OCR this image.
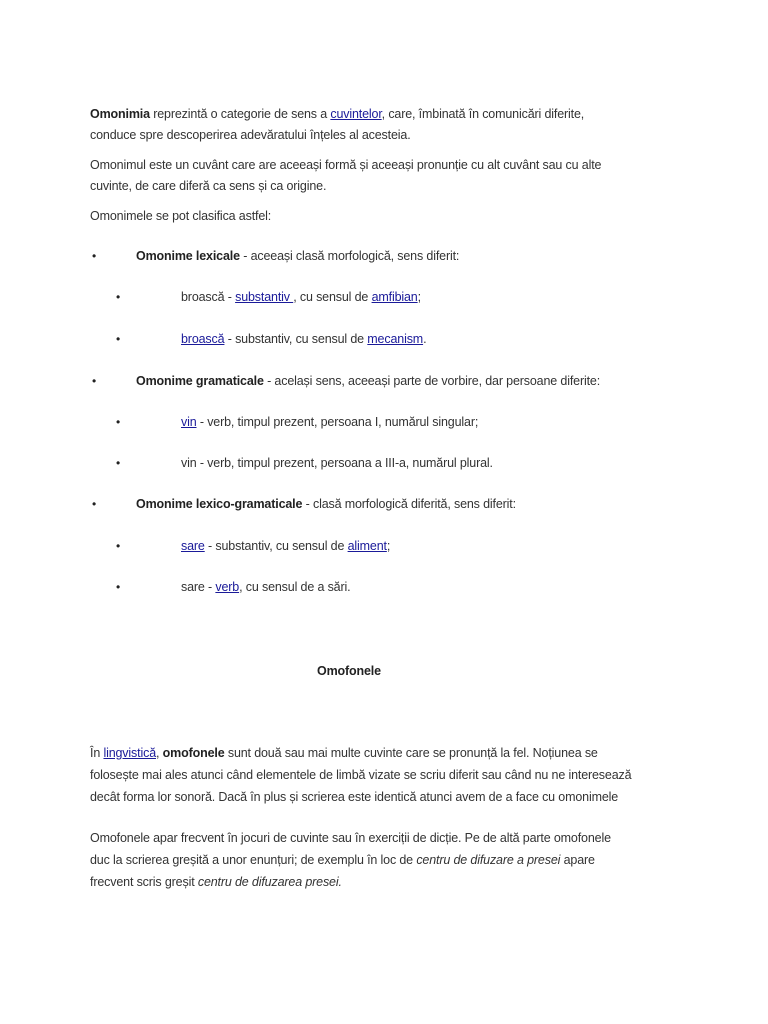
Omonimia reprezintă o categorie de sens a cuvintelor, care, îmbinată în comunicări diferite,
conduce spre descoperirea adevăratului înțeles al acesteia.
Omonimul este un cuvânt care are aceeași formă și aceeași pronunție cu alt cuvânt sau cu alte
cuvinte, de care diferă ca sens și ca origine.
Omonimele se pot clasifica astfel:
•	Omonime lexicale - aceeași clasă morfologică, sens diferit:
•	broască - substantiv , cu sensul de amfibian;
•	broască - substantiv, cu sensul de mecanism.
•	Omonime gramaticale - același sens, aceeași parte de vorbire, dar persoane diferite:
•	vin - verb, timpul prezent, persoana I, numărul singular;
•	vin - verb, timpul prezent, persoana a III-a, numărul plural.
•	Omonime lexico-gramaticale - clasă morfologică diferită, sens diferit:
•	sare - substantiv, cu sensul de aliment;
•	sare - verb, cu sensul de a sări.
Omofonele
În lingvistică, omofonele sunt două sau mai multe cuvinte care se pronunță la fel. Noțiunea se
folosește mai ales atunci când elementele de limbă vizate se scriu diferit sau când nu ne interesează
decât forma lor sonoră. Dacă în plus și scrierea este identică atunci avem de a face cu omonimele
Omofonele apar frecvent în jocuri de cuvinte sau în exerciții de dicție. Pe de altă parte omofonele
duc la scrierea greșită a unor enunțuri; de exemplu în loc de centru de difuzare a presei apare
frecvent scris greșit centru de difuzarea presei.
